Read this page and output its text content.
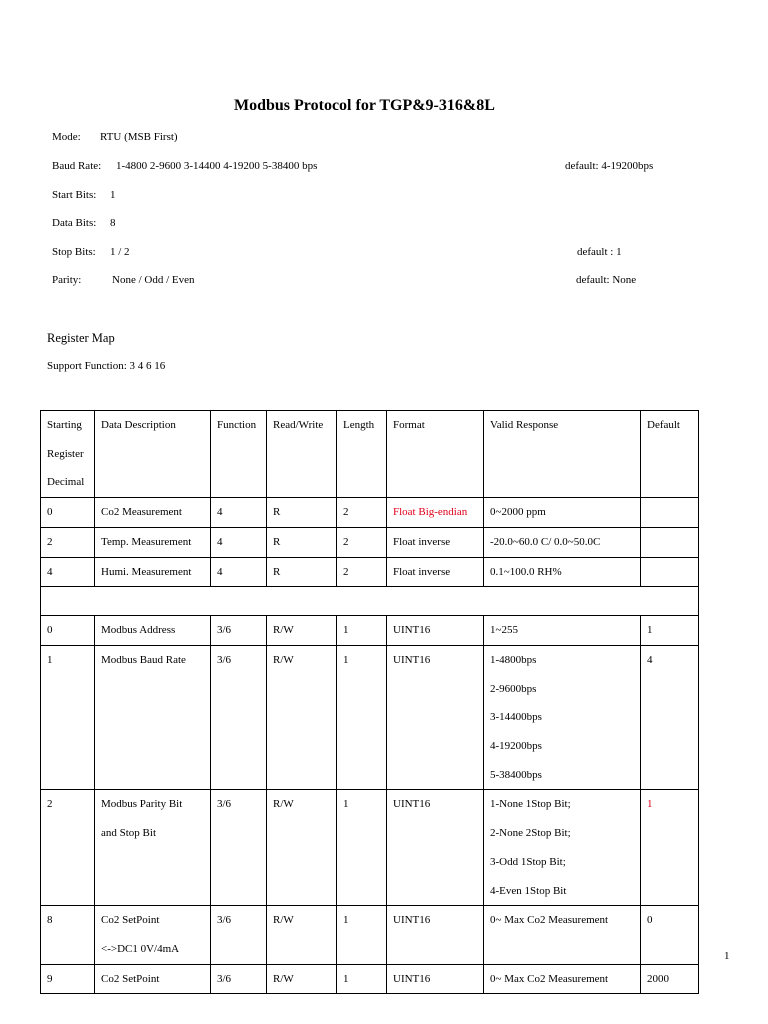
Modbus Protocol for TGP&9-316&8L
Mode: RTU (MSB First)
Baud Rate: 1-4800 2-9600 3-14400 4-19200 5-38400 bps	default: 4-19200bps
Start Bits: 1
Data Bits: 8
Stop Bits: 1 / 2	default : 1
Parity:	None / Odd / Even	default: None
Register Map
Support Function: 3 4 6 16
Starting
Register
Decimal	Data Description	Function	Read/Write	Length	Format	Valid Response	Default

0	Co2 Measurement	4	R	2	Float Big-endian	0~2000 ppm	

2	Temp. Measurement	4	R	2	Float inverse	-20.0~60.0 C/ 0.0~50.0C	

4	Humi. Measurement	4	R	2	Float inverse	0.1~100.0 RH%	

0	Modbus Address	3/6	R/W	1	UINT16	1~255	1

1	Modbus Baud Rate	3/6	R/W	1	UINT16	1-4800bps
2-9600bps
3-14400bps
4-19200bps
5-38400bps	4

2	Modbus Parity Bit
and Stop Bit	3/6	R/W	1	UINT16	1-None 1Stop Bit;
2-None 2Stop Bit;
3-Odd 1Stop Bit;
4-Even 1Stop Bit	1

8	Co2 SetPoint
<->DC1 0V/4mA	3/6	R/W	1	UINT16	0~ Max Co2 Measurement	0

9	Co2 SetPoint	3/6	R/W	1	UINT16	0~ Max Co2 Measurement	2000
1
